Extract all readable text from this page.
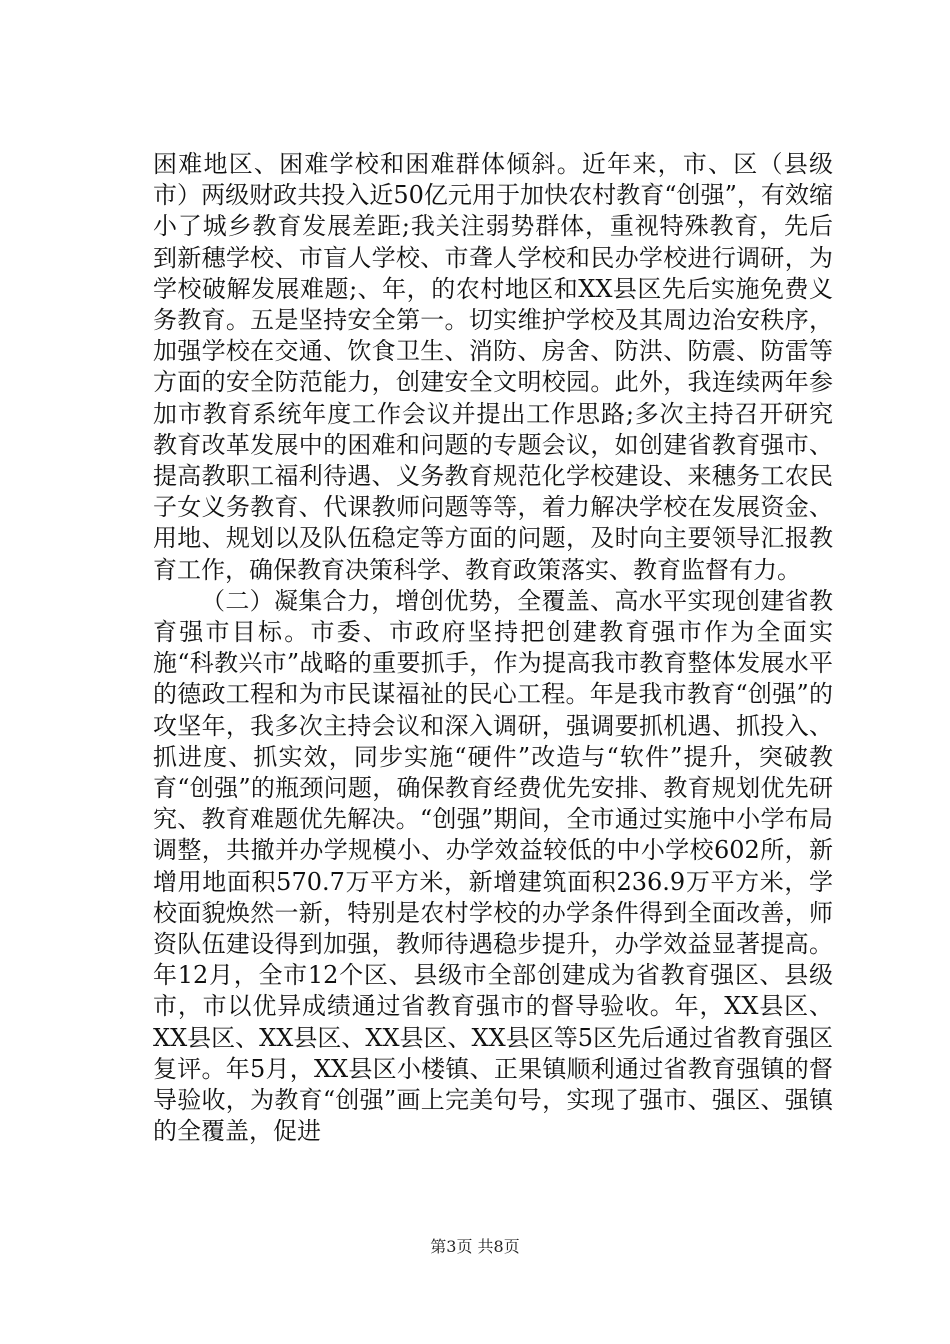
困难地区、困难学校和困难群体倾斜。近年来，市、区（县级市）两级财政共投入近50亿元用于加快农村教育“创强”，有效缩小了城乡教育发展差距;我关注弱势群体，重视特殊教育，先后到新穗学校、市盲人学校、市聋人学校和民办学校进行调研，为学校破解发展难题;、年，的农村地区和XX县区先后实施免费义务教育。五是坚持安全第一。切实维护学校及其周边治安秩序，加强学校在交通、饮食卫生、消防、房舍、防洪、防震、防雷等方面的安全防范能力，创建安全文明校园。此外，我连续两年参加市教育系统年度工作会议并提出工作思路;多次主持召开研究教育改革发展中的困难和问题的专题会议，如创建省教育强市、提高教职工福利待遇、义务教育规范化学校建设、来穗务工农民子女义务教育、代课教师问题等等，着力解决学校在发展资金、用地、规划以及队伍稳定等方面的问题，及时向主要领导汇报教育工作，确保教育决策科学、教育政策落实、教育监督有力。

（二）凝集合力，增创优势，全覆盖、高水平实现创建省教育强市目标。市委、市政府坚持把创建教育强市作为全面实施“科教兴市”战略的重要抓手，作为提高我市教育整体发展水平的德政工程和为市民谋福祉的民心工程。年是我市教育“创强”的攻坚年，我多次主持会议和深入调研，强调要抓机遇、抓投入、抓进度、抓实效，同步实施“硬件”改造与“软件”提升，突破教育“创强”的瓶颈问题，确保教育经费优先安排、教育规划优先研究、教育难题优先解决。“创强”期间，全市通过实施中小学布局调整，共撤并办学规模小、办学效益较低的中小学校602所，新增用地面积570.7万平方米，新增建筑面积236.9万平方米，学校面貌焕然一新，特别是农村学校的办学条件得到全面改善，师资队伍建设得到加强，教师待遇稳步提升，办学效益显著提高。年12月，全市12个区、县级市全部创建成为省教育强区、县级市，市以优异成绩通过省教育强市的督导验收。年，XX县区、XX县区、XX县区、XX县区、XX县区等5区先后通过省教育强区复评。年5月，XX县区小楼镇、正果镇顺利通过省教育强镇的督导验收，为教育“创强”画上完美句号，实现了强市、强区、强镇的全覆盖，促进

第3页 共8页
